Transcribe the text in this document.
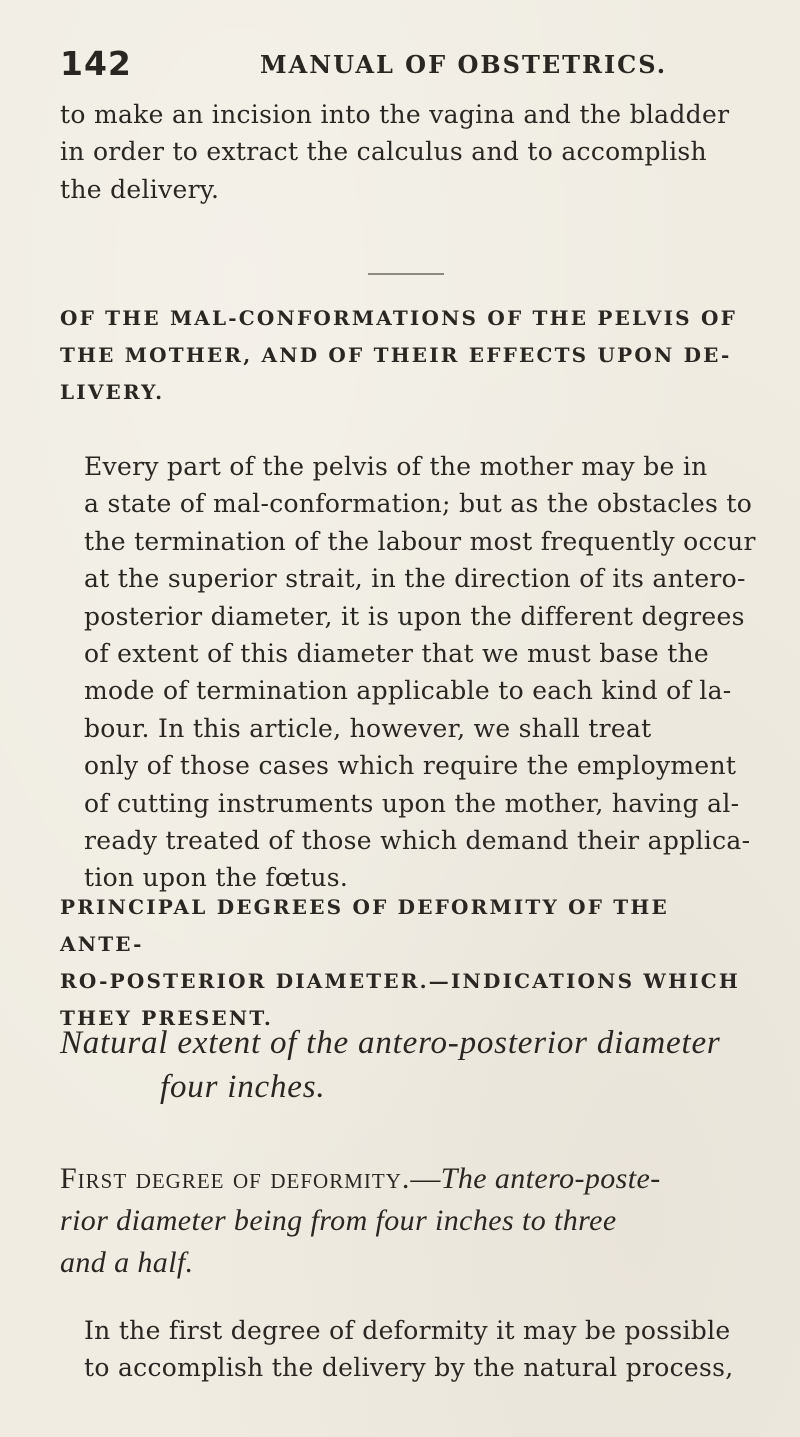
142	MANUAL OF OBSTETRICS.
to make an incision into the vagina and the bladder
in order to extract the calculus and to accomplish
the delivery.
OF THE MAL-CONFORMATIONS OF THE PELVIS OF
THE MOTHER, AND OF THEIR EFFECTS UPON DE-
LIVERY.
Every part of the pelvis of the mother may be in
a state of mal-conformation; but as the obstacles to
the termination of the labour most frequently occur
at the superior strait, in the direction of its antero-
posterior diameter, it is upon the different degrees
of extent of this diameter that we must base the
mode of termination applicable to each kind of la-
bour. In this article, however, we shall treat
only of those cases which require the employment
of cutting instruments upon the mother, having al-
ready treated of those which demand their applica-
tion upon the fœtus.
PRINCIPAL DEGREES OF DEFORMITY OF THE ANTE-
RO-POSTERIOR DIAMETER.—INDICATIONS WHICH
THEY PRESENT.
Natural extent of the antero-posterior diameter
four inches.
First degree of deformity.—The antero-poste-
rior diameter being from four inches to three
and a half.
In the first degree of deformity it may be possible
to accomplish the delivery by the natural process,
